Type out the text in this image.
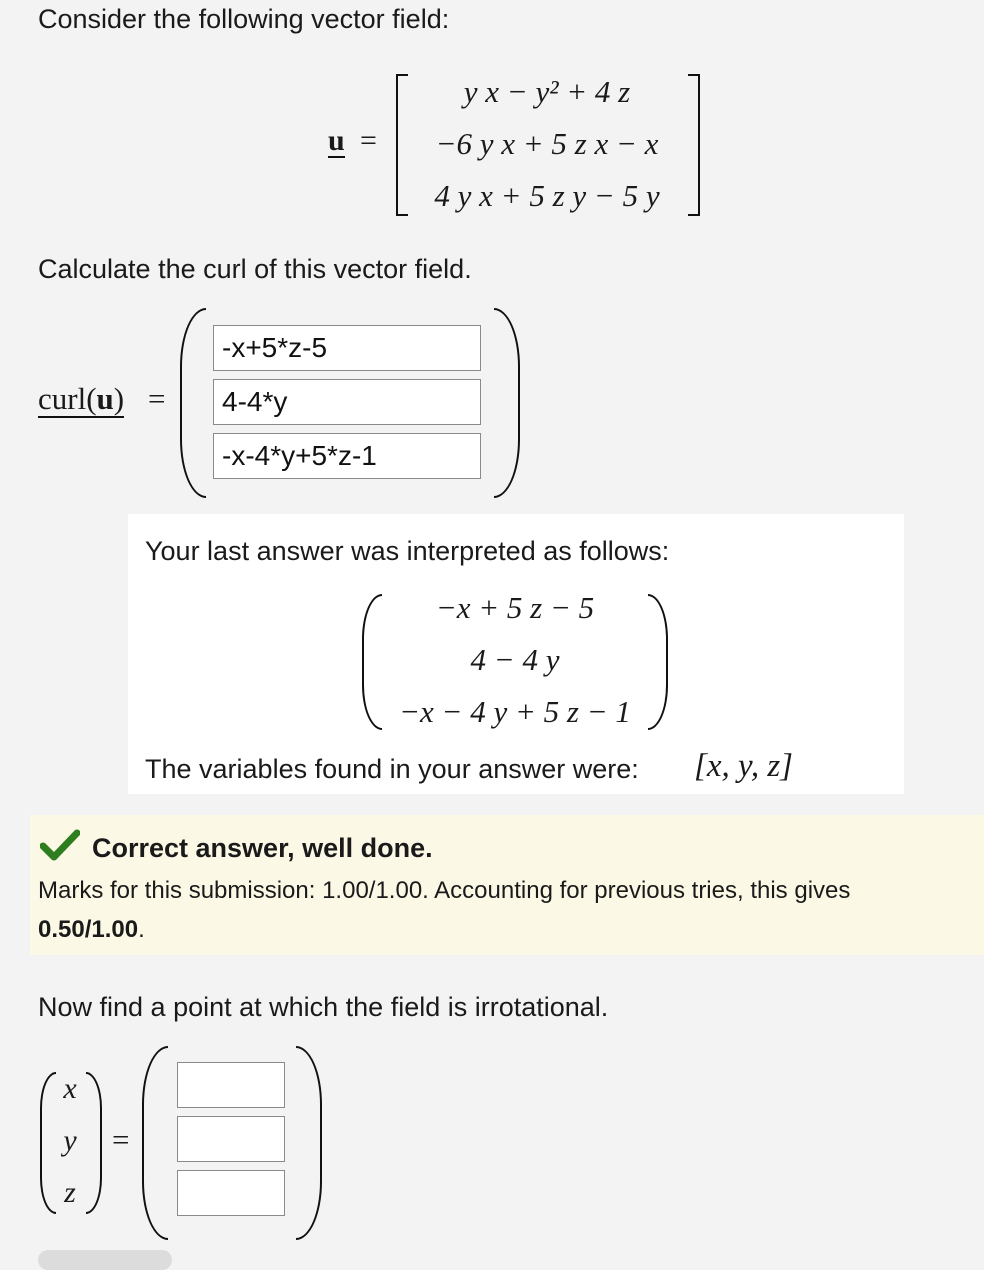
Consider the following vector field:
u =
y x − y² + 4 z
−6 y x + 5 z x − x
4 y x + 5 z y − 5 y
Calculate the curl of this vector field.
curl(u) =
-x+5*z-5
4-4*y
-x-4*y+5*z-1
Your last answer was interpreted as follows:
−x + 5 z − 5
4 − 4 y
−x − 4 y + 5 z − 1
The variables found in your answer were: [x, y, z]
Correct answer, well done.
Marks for this submission: 1.00/1.00. Accounting for previous tries, this gives
0.50/1.00.
Now find a point at which the field is irrotational.
x
y
z
=
